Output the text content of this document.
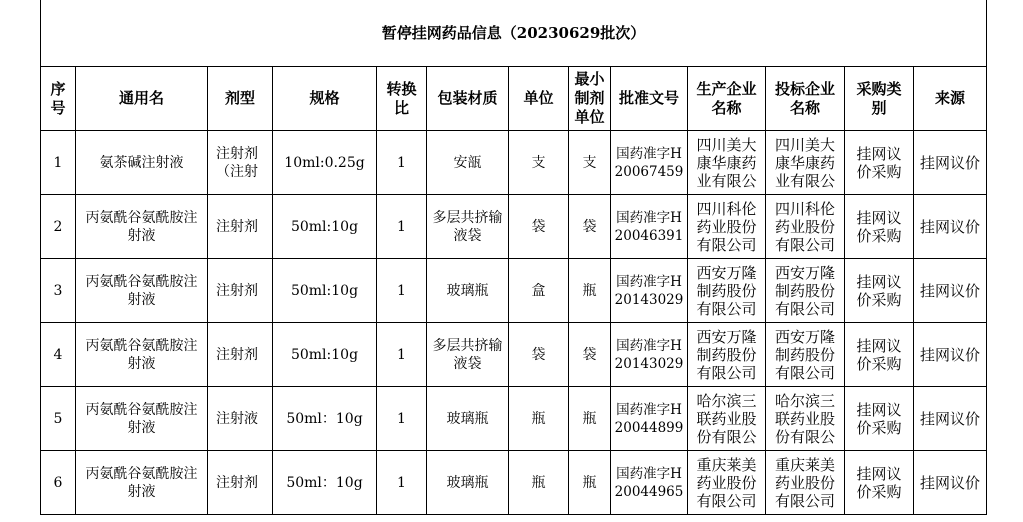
暂停挂网药品信息（20230629批次）												

序号	通用名	剂型	规格	转换比	包装材质	单位	最小制剂单位	批准文号	生产企业名称	投标企业名称	采购类别	来源
1	氨茶碱注射液	注射剂（注射	10ml:0.25g	1	安瓿	支	支	国药准字H20067459	四川美大康华康药业有限公	四川美大康华康药业有限公	挂网议价采购	挂网议价
2	丙氨酰谷氨酰胺注射液	注射剂	50ml:10g	1	多层共挤输液袋	袋	袋	国药准字H20046391	四川科伦药业股份有限公司	四川科伦药业股份有限公司	挂网议价采购	挂网议价
3	丙氨酰谷氨酰胺注射液	注射剂	50ml:10g	1	玻璃瓶	盒	瓶	国药准字H20143029	西安万隆制药股份有限公司	西安万隆制药股份有限公司	挂网议价采购	挂网议价
4	丙氨酰谷氨酰胺注射液	注射剂	50ml:10g	1	多层共挤输液袋	袋	袋	国药准字H20143029	西安万隆制药股份有限公司	西安万隆制药股份有限公司	挂网议价采购	挂网议价
5	丙氨酰谷氨酰胺注射液	注射液	50ml：10g	1	玻璃瓶	瓶	瓶	国药准字H20044899	哈尔滨三联药业股份有限公	哈尔滨三联药业股份有限公	挂网议价采购	挂网议价
6	丙氨酰谷氨酰胺注射液	注射剂	50ml：10g	1	玻璃瓶	瓶	瓶	国药准字H20044965	重庆莱美药业股份有限公司	重庆莱美药业股份有限公司	挂网议价采购	挂网议价
